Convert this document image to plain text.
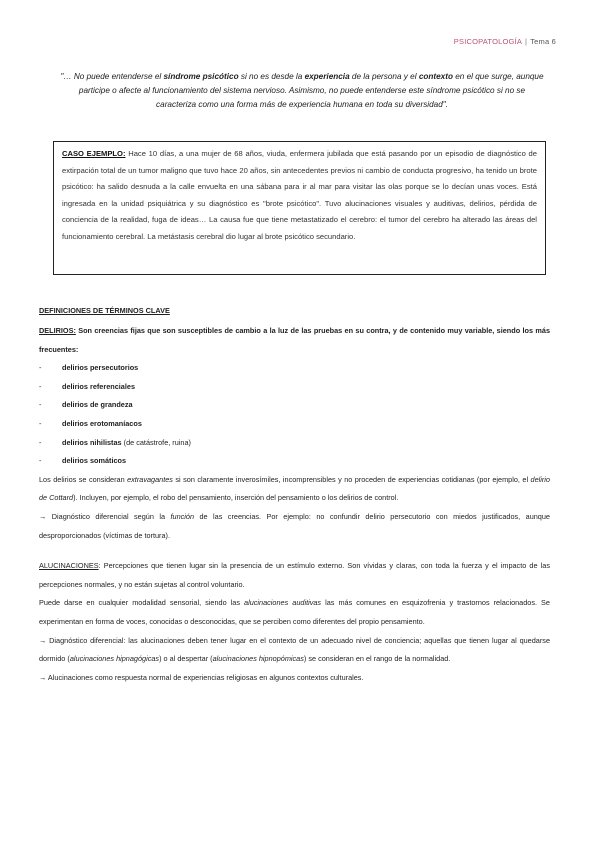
PSICOPATOLOGÍA | Tema 6
"… No puede entenderse el síndrome psicótico si no es desde la experiencia de la persona y el contexto en el que surge, aunque participe o afecte al funcionamiento del sistema nervioso. Asimismo, no puede entenderse este síndrome psicótico si no se caracteriza como una forma más de experiencia humana en toda su diversidad".
CASO EJEMPLO: Hace 10 días, a una mujer de 68 años, viuda, enfermera jubilada que está pasando por un episodio de diagnóstico de extirpación total de un tumor maligno que tuvo hace 20 años, sin antecedentes previos ni cambio de conducta progresivo, ha tenido un brote psicótico: ha salido desnuda a la calle envuelta en una sábana para ir al mar para visitar las olas porque se lo decían unas voces. Está ingresada en la unidad psiquiátrica y su diagnóstico es "brote psicótico". Tuvo alucinaciones visuales y auditivas, delirios, pérdida de conciencia de la realidad, fuga de ideas… La causa fue que tiene metastatizado el cerebro: el tumor del cerebro ha alterado las áreas del funcionamiento cerebral. La metástasis cerebral dio lugar al brote psicótico secundario.
DEFINICIONES DE TÉRMINOS CLAVE
DELIRIOS: Son creencias fijas que son susceptibles de cambio a la luz de las pruebas en su contra, y de contenido muy variable, siendo los más frecuentes:
-	delirios persecutorios
-	delirios referenciales
-	delirios de grandeza
-	delirios erotomaníacos
-	delirios nihilistas (de catástrofe, ruina)
-	delirios somáticos
Los delirios se consideran extravagantes si son claramente inverosímiles, incomprensibles y no proceden de experiencias cotidianas (por ejemplo, el delirio de Cottard). Incluyen, por ejemplo, el robo del pensamiento, inserción del pensamiento o los delirios de control.
→ Diagnóstico diferencial según la función de las creencias. Por ejemplo: no confundir delirio persecutorio con miedos justificados, aunque desproporcionados (víctimas de tortura).
ALUCINACIONES: Percepciones que tienen lugar sin la presencia de un estímulo externo. Son vívidas y claras, con toda la fuerza y el impacto de las percepciones normales, y no están sujetas al control voluntario.
Puede darse en cualquier modalidad sensorial, siendo las alucinaciones auditivas las más comunes en esquizofrenia y trastornos relacionados. Se experimentan en forma de voces, conocidas o desconocidas, que se perciben como diferentes del propio pensamiento.
→ Diagnóstico diferencial: las alucinaciones deben tener lugar en el contexto de un adecuado nivel de conciencia; aquellas que tienen lugar al quedarse dormido (alucinaciones hipnagógicas) o al despertar (alucinaciones hipnopómicas) se consideran en el rango de la normalidad.
→ Alucinaciones como respuesta normal de experiencias religiosas en algunos contextos culturales.
